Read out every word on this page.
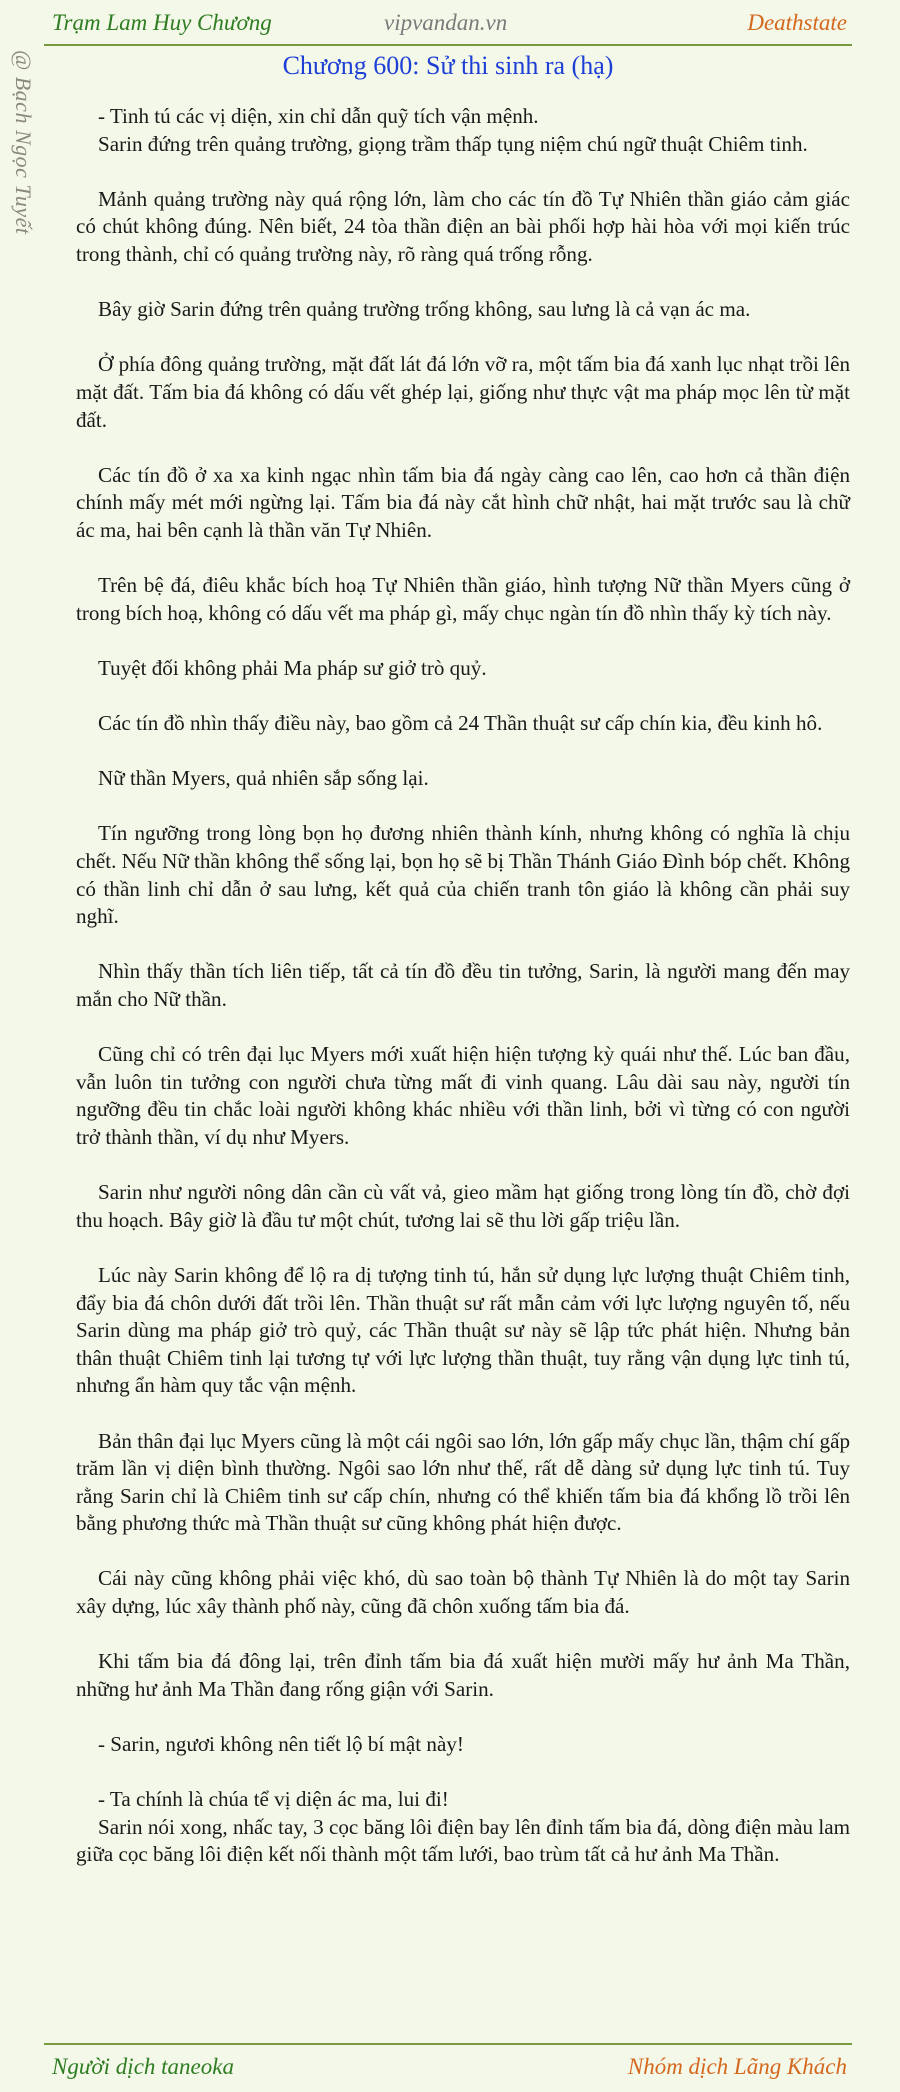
Trạm Lam Huy Chương	vipvandan.vn	Deathstate
Chương 600: Sử thi sinh ra (hạ)

- Tinh tú các vị diện, xin chỉ dẫn quỹ tích vận mệnh.

Sarin đứng trên quảng trường, giọng trầm thấp tụng niệm chú ngữ thuật Chiêm tinh.

Mảnh quảng trường này quá rộng lớn, làm cho các tín đồ Tự Nhiên thần giáo cảm giác có chút không đúng. Nên biết, 24 tòa thần điện an bài phối hợp hài hòa với mọi kiến trúc trong thành, chỉ có quảng trường này, rõ ràng quá trống rỗng.

Bây giờ Sarin đứng trên quảng trường trống không, sau lưng là cả vạn ác ma.

Ở phía đông quảng trường, mặt đất lát đá lớn vỡ ra, một tấm bia đá xanh lục nhạt trồi lên mặt đất. Tấm bia đá không có dấu vết ghép lại, giống như thực vật ma pháp mọc lên từ mặt đất.

Các tín đồ ở xa xa kinh ngạc nhìn tấm bia đá ngày càng cao lên, cao hơn cả thần điện chính mấy mét mới ngừng lại. Tấm bia đá này cắt hình chữ nhật, hai mặt trước sau là chữ ác ma, hai bên cạnh là thần văn Tự Nhiên.

Trên bệ đá, điêu khắc bích hoạ Tự Nhiên thần giáo, hình tượng Nữ thần Myers cũng ở trong bích hoạ, không có dấu vết ma pháp gì, mấy chục ngàn tín đồ nhìn thấy kỳ tích này.

Tuyệt đối không phải Ma pháp sư giở trò quỷ.

Các tín đồ nhìn thấy điều này, bao gồm cả 24 Thần thuật sư cấp chín kia, đều kinh hô.

Nữ thần Myers, quả nhiên sắp sống lại.

Tín ngưỡng trong lòng bọn họ đương nhiên thành kính, nhưng không có nghĩa là chịu chết. Nếu Nữ thần không thể sống lại, bọn họ sẽ bị Thần Thánh Giáo Đình bóp chết. Không có thần linh chỉ dẫn ở sau lưng, kết quả của chiến tranh tôn giáo là không cần phải suy nghĩ.

Nhìn thấy thần tích liên tiếp, tất cả tín đồ đều tin tưởng, Sarin, là người mang đến may mắn cho Nữ thần.

Cũng chỉ có trên đại lục Myers mới xuất hiện hiện tượng kỳ quái như thế. Lúc ban đầu, vẫn luôn tin tưởng con người chưa từng mất đi vinh quang. Lâu dài sau này, người tín ngưỡng đều tin chắc loài người không khác nhiều với thần linh, bởi vì từng có con người trở thành thần, ví dụ như Myers.

Sarin như người nông dân cần cù vất vả, gieo mầm hạt giống trong lòng tín đồ, chờ đợi thu hoạch. Bây giờ là đầu tư một chút, tương lai sẽ thu lời gấp triệu lần.

Lúc này Sarin không để lộ ra dị tượng tinh tú, hắn sử dụng lực lượng thuật Chiêm tinh, đẩy bia đá chôn dưới đất trồi lên. Thần thuật sư rất mẫn cảm với lực lượng nguyên tố, nếu Sarin dùng ma pháp giở trò quỷ, các Thần thuật sư này sẽ lập tức phát hiện. Nhưng bản thân thuật Chiêm tinh lại tương tự với lực lượng thần thuật, tuy rằng vận dụng lực tinh tú, nhưng ẩn hàm quy tắc vận mệnh.

Bản thân đại lục Myers cũng là một cái ngôi sao lớn, lớn gấp mấy chục lần, thậm chí gấp trăm lần vị diện bình thường. Ngôi sao lớn như thế, rất dễ dàng sử dụng lực tinh tú. Tuy rằng Sarin chỉ là Chiêm tinh sư cấp chín, nhưng có thể khiến tấm bia đá khổng lồ trồi lên bằng phương thức mà Thần thuật sư cũng không phát hiện được.

Cái này cũng không phải việc khó, dù sao toàn bộ thành Tự Nhiên là do một tay Sarin xây dựng, lúc xây thành phố này, cũng đã chôn xuống tấm bia đá.

Khi tấm bia đá đông lại, trên đỉnh tấm bia đá xuất hiện mười mấy hư ảnh Ma Thần, những hư ảnh Ma Thần đang rống giận với Sarin.

- Sarin, ngươi không nên tiết lộ bí mật này!

- Ta chính là chúa tể vị diện ác ma, lui đi!

Sarin nói xong, nhấc tay, 3 cọc băng lôi điện bay lên đỉnh tấm bia đá, dòng điện màu lam giữa cọc băng lôi điện kết nối thành một tấm lưới, bao trùm tất cả hư ảnh Ma Thần.

Người dịch taneoka	Nhóm dịch Lãng Khách
@ Bạch Ngọc Tuyết
